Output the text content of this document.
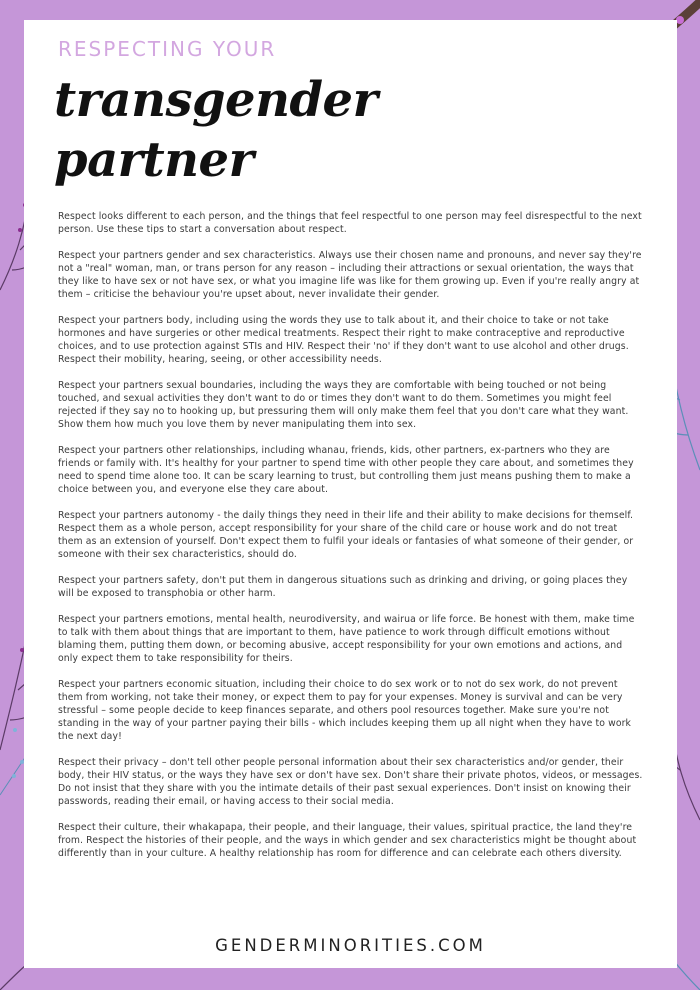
RESPECTING YOUR
transgender
partner

Respect looks different to each person, and the things that feel respectful to one person may feel disrespectful to the next person. Use these tips to start a conversation about respect.

Respect your partners gender and sex characteristics. Always use their chosen name and pronouns, and never say they're not a "real" woman, man, or trans person for any reason – including their attractions or sexual orientation, the ways that they like to have sex or not have sex, or what you imagine life was like for them growing up. Even if you're really angry at them – criticise the behaviour you're upset about, never invalidate their gender.

Respect your partners body, including using the words they use to talk about it, and their choice to take or not take hormones and have surgeries or other medical treatments. Respect their right to make contraceptive and reproductive choices, and to use protection against STIs and HIV. Respect their 'no' if they don't want to use alcohol and other drugs. Respect their mobility, hearing, seeing, or other accessibility needs.

Respect your partners sexual boundaries, including the ways they are comfortable with being touched or not being touched, and sexual activities they don't want to do or times they don't want to do them. Sometimes you might feel rejected if they say no to hooking up, but pressuring them will only make them feel that you don't care what they want. Show them how much you love them by never manipulating them into sex.

Respect your partners other relationships, including whanau, friends, kids, other partners, ex-partners who they are friends or family with. It's healthy for your partner to spend time with other people they care about, and sometimes they need to spend time alone too. It can be scary learning to trust, but controlling them just means pushing them to make a choice between you, and everyone else they care about.

Respect your partners autonomy - the daily things they need in their life and their ability to make decisions for themself. Respect them as a whole person, accept responsibility for your share of the child care or house work and do not treat them as an extension of yourself. Don't expect them to fulfil your ideals or fantasies of what someone of their gender, or someone with their sex characteristics, should do.

Respect your partners safety, don't put them in dangerous situations such as drinking and driving, or going places they will be exposed to transphobia or other harm.

Respect your partners emotions, mental health, neurodiversity, and wairua or life force. Be honest with them, make time to talk with them about things that are important to them, have patience to work through difficult emotions without blaming them, putting them down, or becoming abusive, accept responsibility for your own emotions and actions, and only expect them to take responsibility for theirs.

Respect your partners economic situation, including their choice to do sex work or to not do sex work, do not prevent them from working, not take their money, or expect them to pay for your expenses. Money is survival and can be very stressful – some people decide to keep finances separate, and others pool resources together. Make sure you're not standing in the way of your partner paying their bills - which includes keeping them up all night when they have to work the next day!

Respect their privacy – don't tell other people personal information about their sex characteristics and/or gender, their body, their HIV status, or the ways they have sex or don't have sex. Don't share their private photos, videos, or messages. Do not insist that they share with you the intimate details of their past sexual experiences. Don't insist on knowing their passwords, reading their email, or having access to their social media.

Respect their culture, their whakapapa, their people, and their language, their values, spiritual practice, the land they're from. Respect the histories of their people, and the ways in which gender and sex characteristics might be thought about differently than in your culture. A healthy relationship has room for difference and can celebrate each others diversity.

GENDERMINORITIES.COM
